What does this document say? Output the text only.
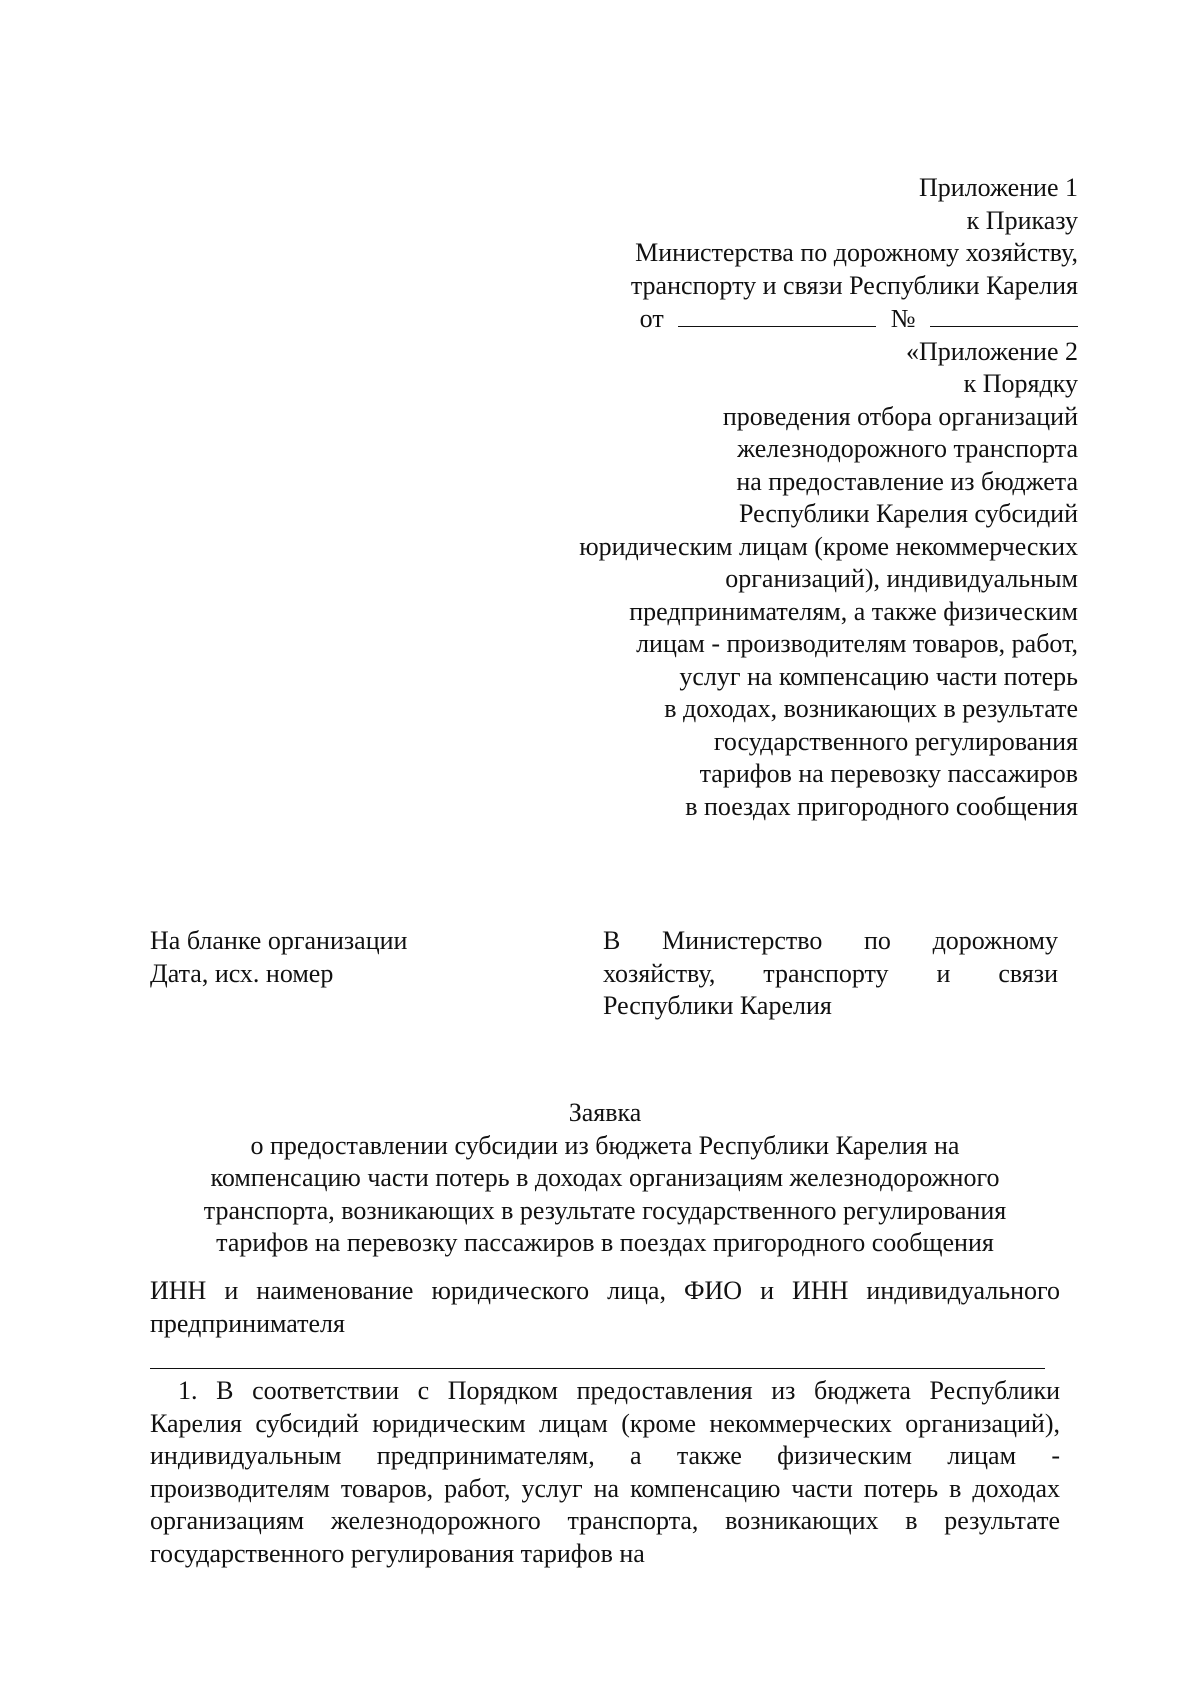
Приложение 1
к Приказу
Министерства по дорожному хозяйству,
транспорту и связи Республики Карелия
от	№
«Приложение 2
к Порядку
проведения отбора организаций
железнодорожного транспорта
на предоставление из бюджета
Республики Карелия субсидий
юридическим лицам (кроме некоммерческих
организаций), индивидуальным
предпринимателям, а также физическим
лицам - производителям товаров, работ,
услуг на компенсацию части потерь
в доходах, возникающих в результате
государственного регулирования
тарифов на перевозку пассажиров
в поездах пригородного сообщения
На бланке организации
Дата, исх. номер
В Министерство по дорожному
хозяйству, транспорту и связи
Республики Карелия
Заявка
о предоставлении субсидии из бюджета Республики Карелия на
компенсацию части потерь в доходах организациям железнодорожного
транспорта, возникающих в результате государственного регулирования
тарифов на перевозку пассажиров в поездах пригородного сообщения
ИНН и наименование юридического лица, ФИО и ИНН индивидуального предпринимателя
1. В соответствии с Порядком предоставления из бюджета Республики Карелия субсидий юридическим лицам (кроме некоммерческих организаций), индивидуальным предпринимателям, а также физическим лицам - производителям товаров, работ, услуг на компенсацию части потерь в доходах организациям железнодорожного транспорта, возникающих в результате государственного регулирования тарифов на
